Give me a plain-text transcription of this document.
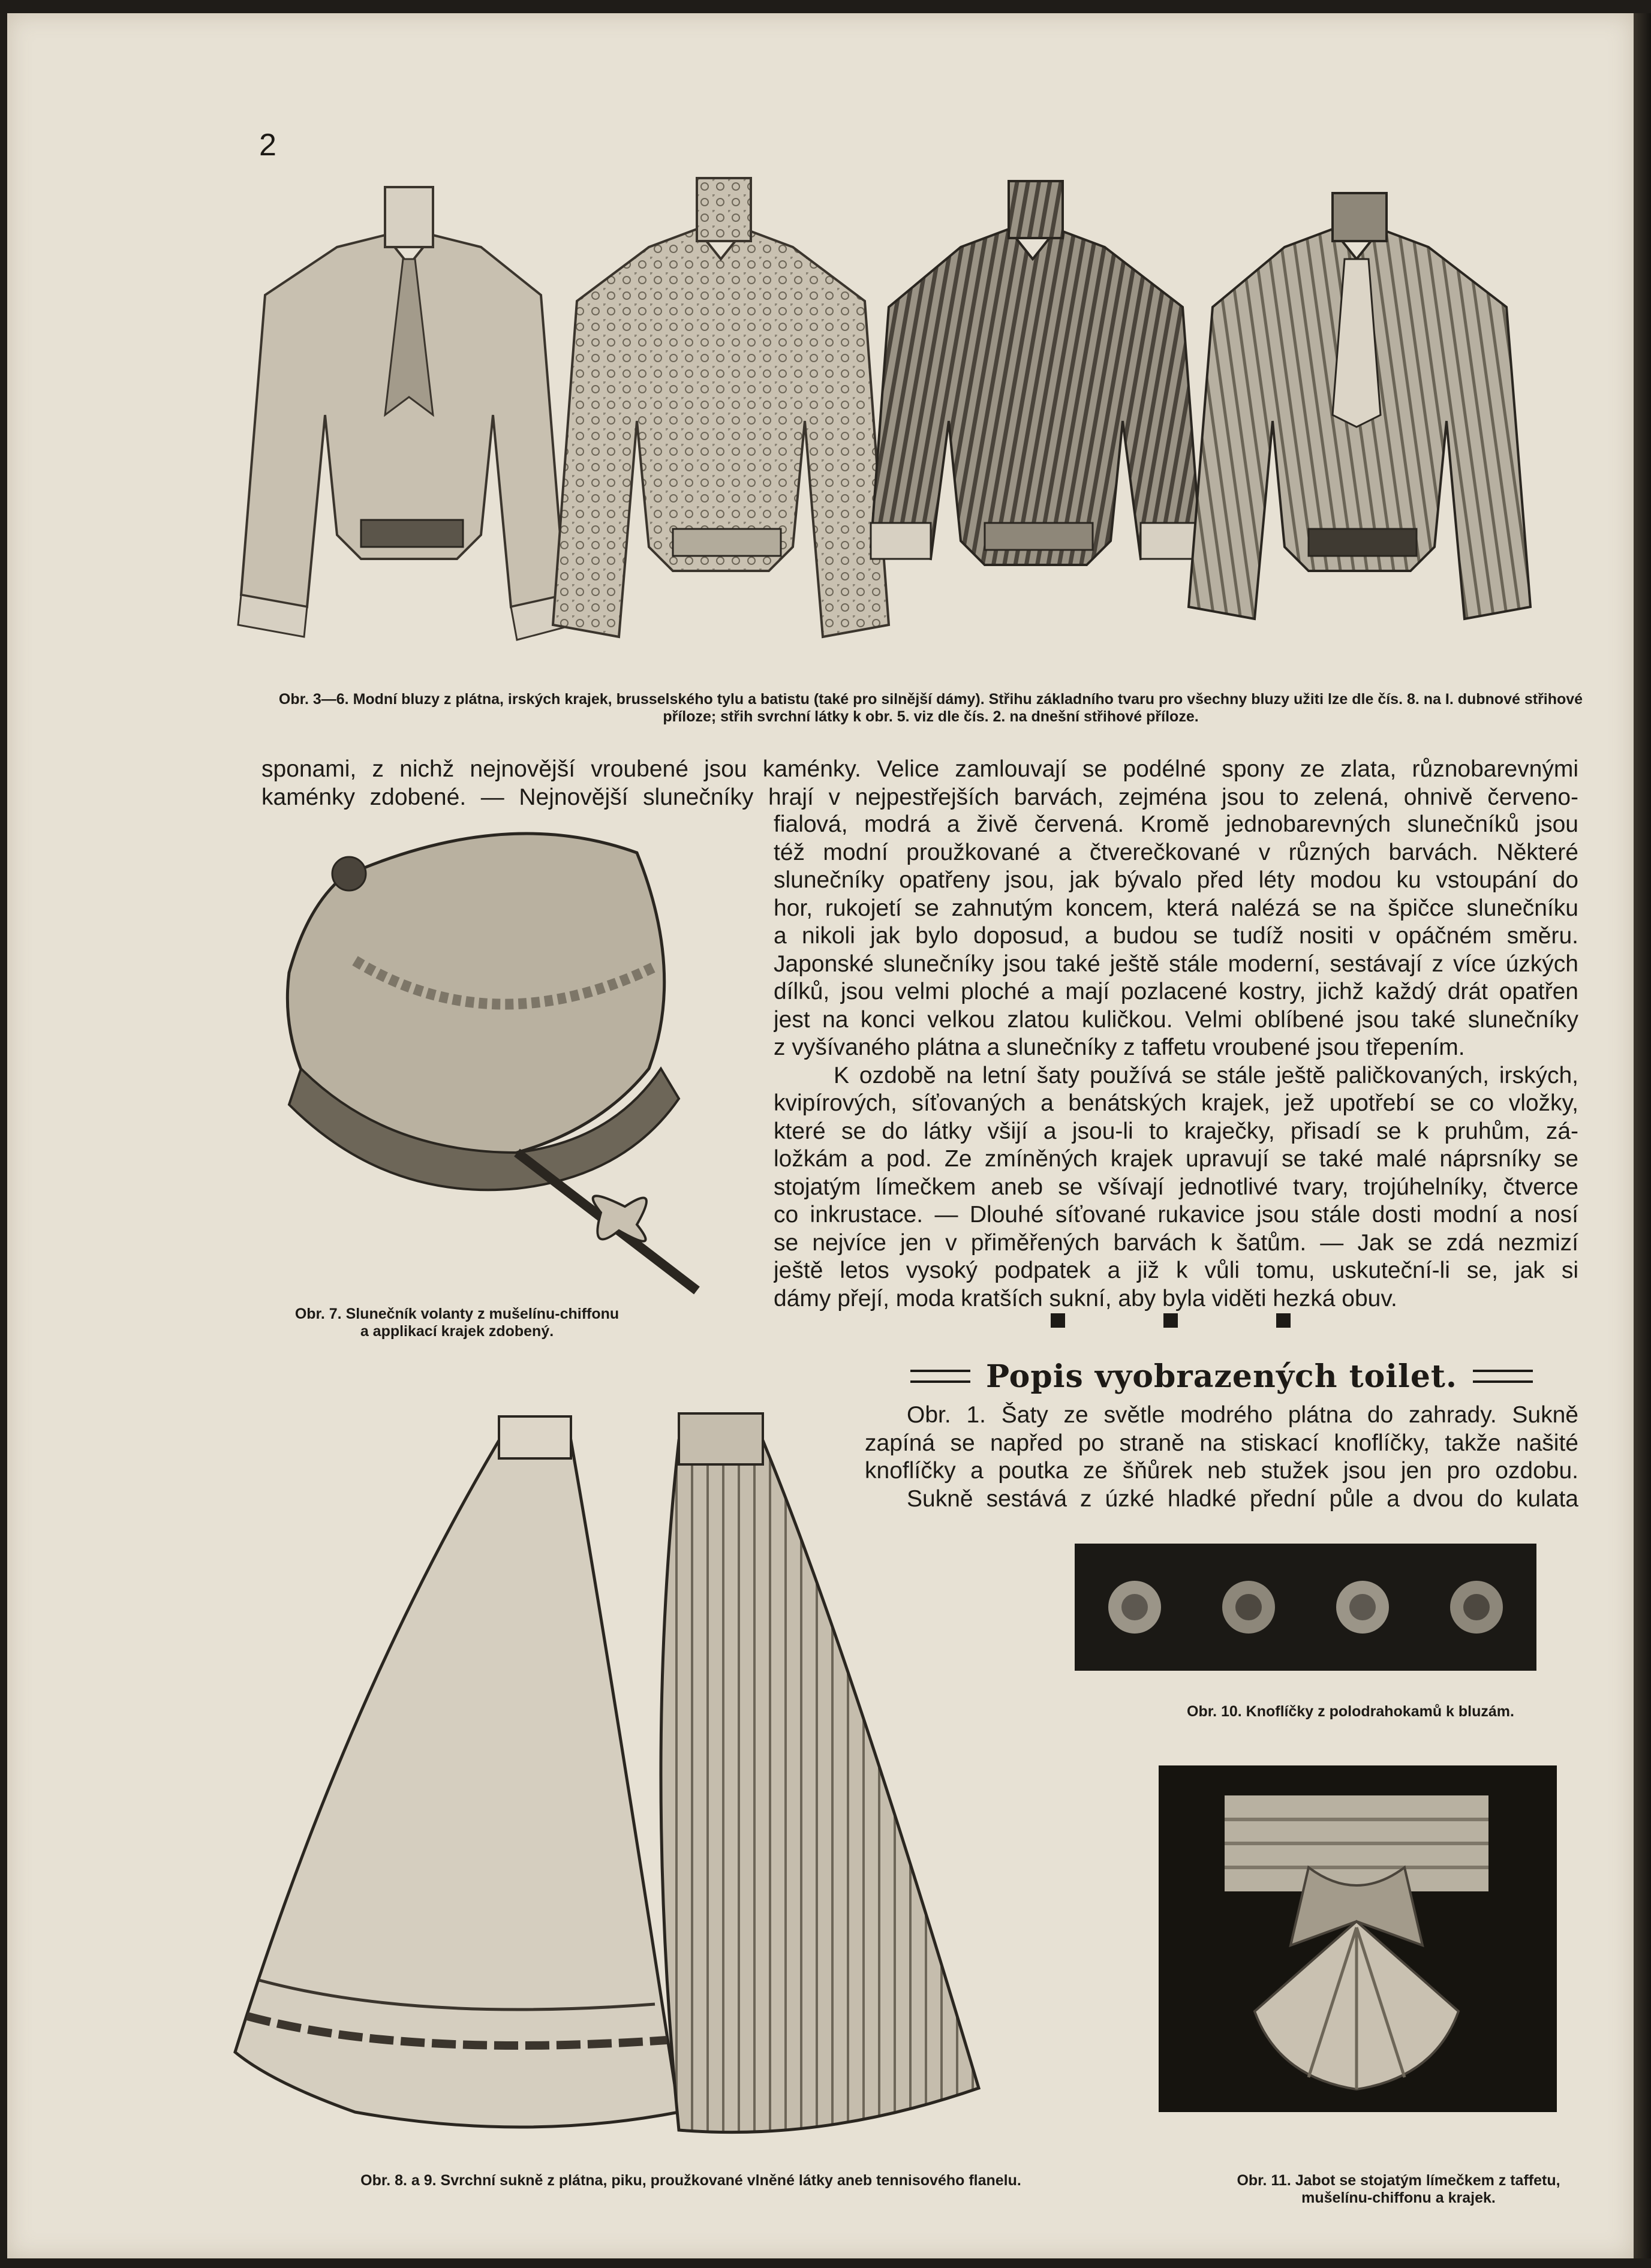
2
Obr. 3—6. Modní bluzy z plátna, irských krajek, brusselského tylu a batistu (také pro silnější dámy). Střihu základního tvaru pro všechny bluzy užiti lze dle čís. 8. na I. dubnové střihové přílozе; střih svrchní látky k obr. 5. viz dle čís. 2. na dnešní střihové příloze.
sponami, z nichž nejnovější vroubené jsou kaménky. Velice zamlouvají se podélné spony ze zlata, různobarevnými
kaménky zdobené. — Nejnovější slunečníky hrají v nejpestřejších barvách, zejména jsou to zelená, ohnivě červeno-
Obr. 7. Slunečník volanty z mušelínu-chiffonu
a applikací krajek zdobený.
fialová, modrá a živě červená. Kromě jednobarevných slunečníků jsou
též modní proužkované a čtverečkované v různých barvách. Některé
slunečníky opatřeny jsou, jak bývalo před léty modou ku vstoupání do
hor, rukojetí se zahnutým koncem, která nalézá se na špičce slunečníku
a nikoli jak bylo doposud, a budou se tudíž nositi v opáčném směru.
Japonské slunečníky jsou také ještě stále moderní, sestávají z více úzkých
dílků, jsou velmi ploché a mají pozlacené kostry, jichž každý drát opatřen
jest na konci velkou zlatou kuličkou. Velmi oblíbené jsou také slunečníky
z vyšívaného plátna a slunečníky z taffetu vroubené jsou třepením.
K ozdobě na letní šaty používá se stále ještě paličkovaných, irských,
kvipírových, síťovaných a benátských krajek, jež upotřebí se co vložky,
které se do látky všijí a jsou-li to kraječky, přisadí se k pruhům, zá-
ložkám a pod. Ze zmíněných krajek upravují se také malé náprsníky se
stojatým límečkem aneb se všívají jednotlivé tvary, trojúhelníky, čtverce
co inkrustace. — Dlouhé síťované rukavice jsou stále dosti modní a nosí
se nejvíce jen v přiměřených barvách k šatům. — Jak se zdá nezmizí
ještě letos vysoký podpatek a již k vůli tomu, uskuteční-li se, jak si
dámy přejí, moda kratších sukní, aby byla viděti hezká obuv.
Popis vyobrazených toilet.
Obr. 1. Šaty ze světle modrého plátna do zahrady. Sukně
zapíná se napřed po straně na stiskací knoflíčky, takže našité
knoflíčky a poutka ze šňůrek neb stužek jsou jen pro ozdobu.
Sukně sestává z úzké hladké přední půle a dvou do kulata
Obr. 8. a 9. Svrchní sukně z plátna, piku, proužkované vlněné látky aneb tennisového flanelu.
Obr. 10. Knoflíčky z polodrahokamů k bluzám.
Obr. 11. Jabot se stojatým límečkem z taffetu,
mušelínu-chiffonu a krajek.
